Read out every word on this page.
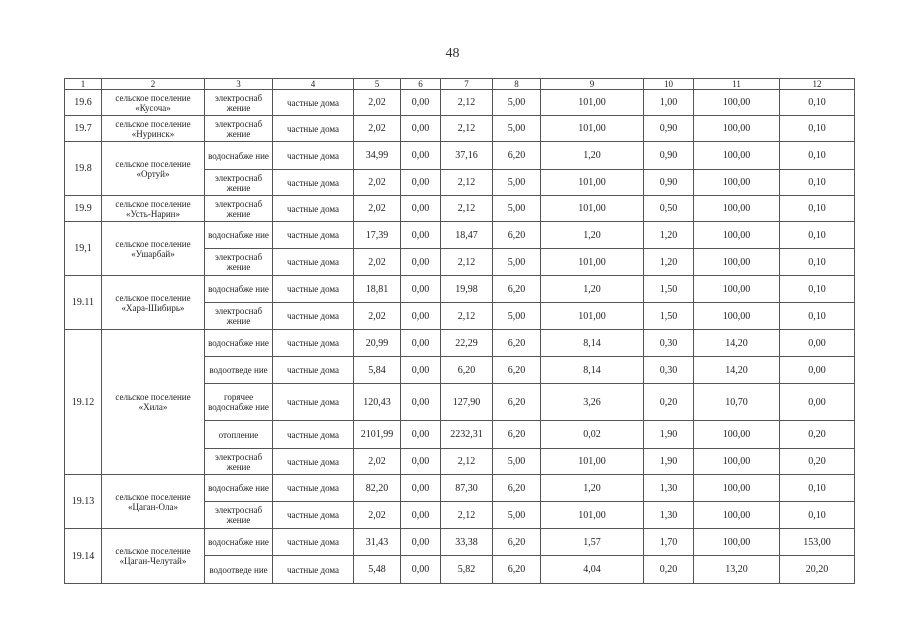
48
1	2	3	4	5	6	7	8	9	10	11	12
19.6	сельское поселение «Кусоча»	электроснаб жение	частные дома	2,02	0,00	2,12	5,00	101,00	1,00	100,00	0,10
19.7	сельское поселение «Нуринск»	электроснаб жение	частные дома	2,02	0,00	2,12	5,00	101,00	0,90	100,00	0,10
19.8	сельское поселение «Ортуй»	водоснабже ние	частные дома	34,99	0,00	37,16	6,20	1,20	0,90	100,00	0,10
		электроснаб жение	частные дома	2,02	0,00	2,12	5,00	101,00	0,90	100,00	0,10
19.9	сельское поселение «Усть-Нарин»	электроснаб жение	частные дома	2,02	0,00	2,12	5,00	101,00	0,50	100,00	0,10
19,1	сельское поселение «Ушарбай»	водоснабже ние	частные дома	17,39	0,00	18,47	6,20	1,20	1,20	100,00	0,10
		электроснаб жение	частные дома	2,02	0,00	2,12	5,00	101,00	1,20	100,00	0,10
19.11	сельское поселение «Хара-Шибирь»	водоснабже ние	частные дома	18,81	0,00	19,98	6,20	1,20	1,50	100,00	0,10
		электроснаб жение	частные дома	2,02	0,00	2,12	5,00	101,00	1,50	100,00	0,10
19.12	сельское поселение «Хила»	водоснабже ние	частные дома	20,99	0,00	22,29	6,20	8,14	0,30	14,20	0,00
		водоотведе ние	частные дома	5,84	0,00	6,20	6,20	8,14	0,30	14,20	0,00
		горячее водоснабже ние	частные дома	120,43	0,00	127,90	6,20	3,26	0,20	10,70	0,00
		отопление	частные дома	2101,99	0,00	2232,31	6,20	0,02	1,90	100,00	0,20
		электроснаб жение	частные дома	2,02	0,00	2,12	5,00	101,00	1,90	100,00	0,20
19.13	сельское поселение «Цаган-Ола»	водоснабже ние	частные дома	82,20	0,00	87,30	6,20	1,20	1,30	100,00	0,10
		электроснаб жение	частные дома	2,02	0,00	2,12	5,00	101,00	1,30	100,00	0,10
19.14	сельское поселение «Цаган-Челутай»	водоснабже ние	частные дома	31,43	0,00	33,38	6,20	1,57	1,70	100,00	153,00
		водоотведе ние	частные дома	5,48	0,00	5,82	6,20	4,04	0,20	13,20	20,20
